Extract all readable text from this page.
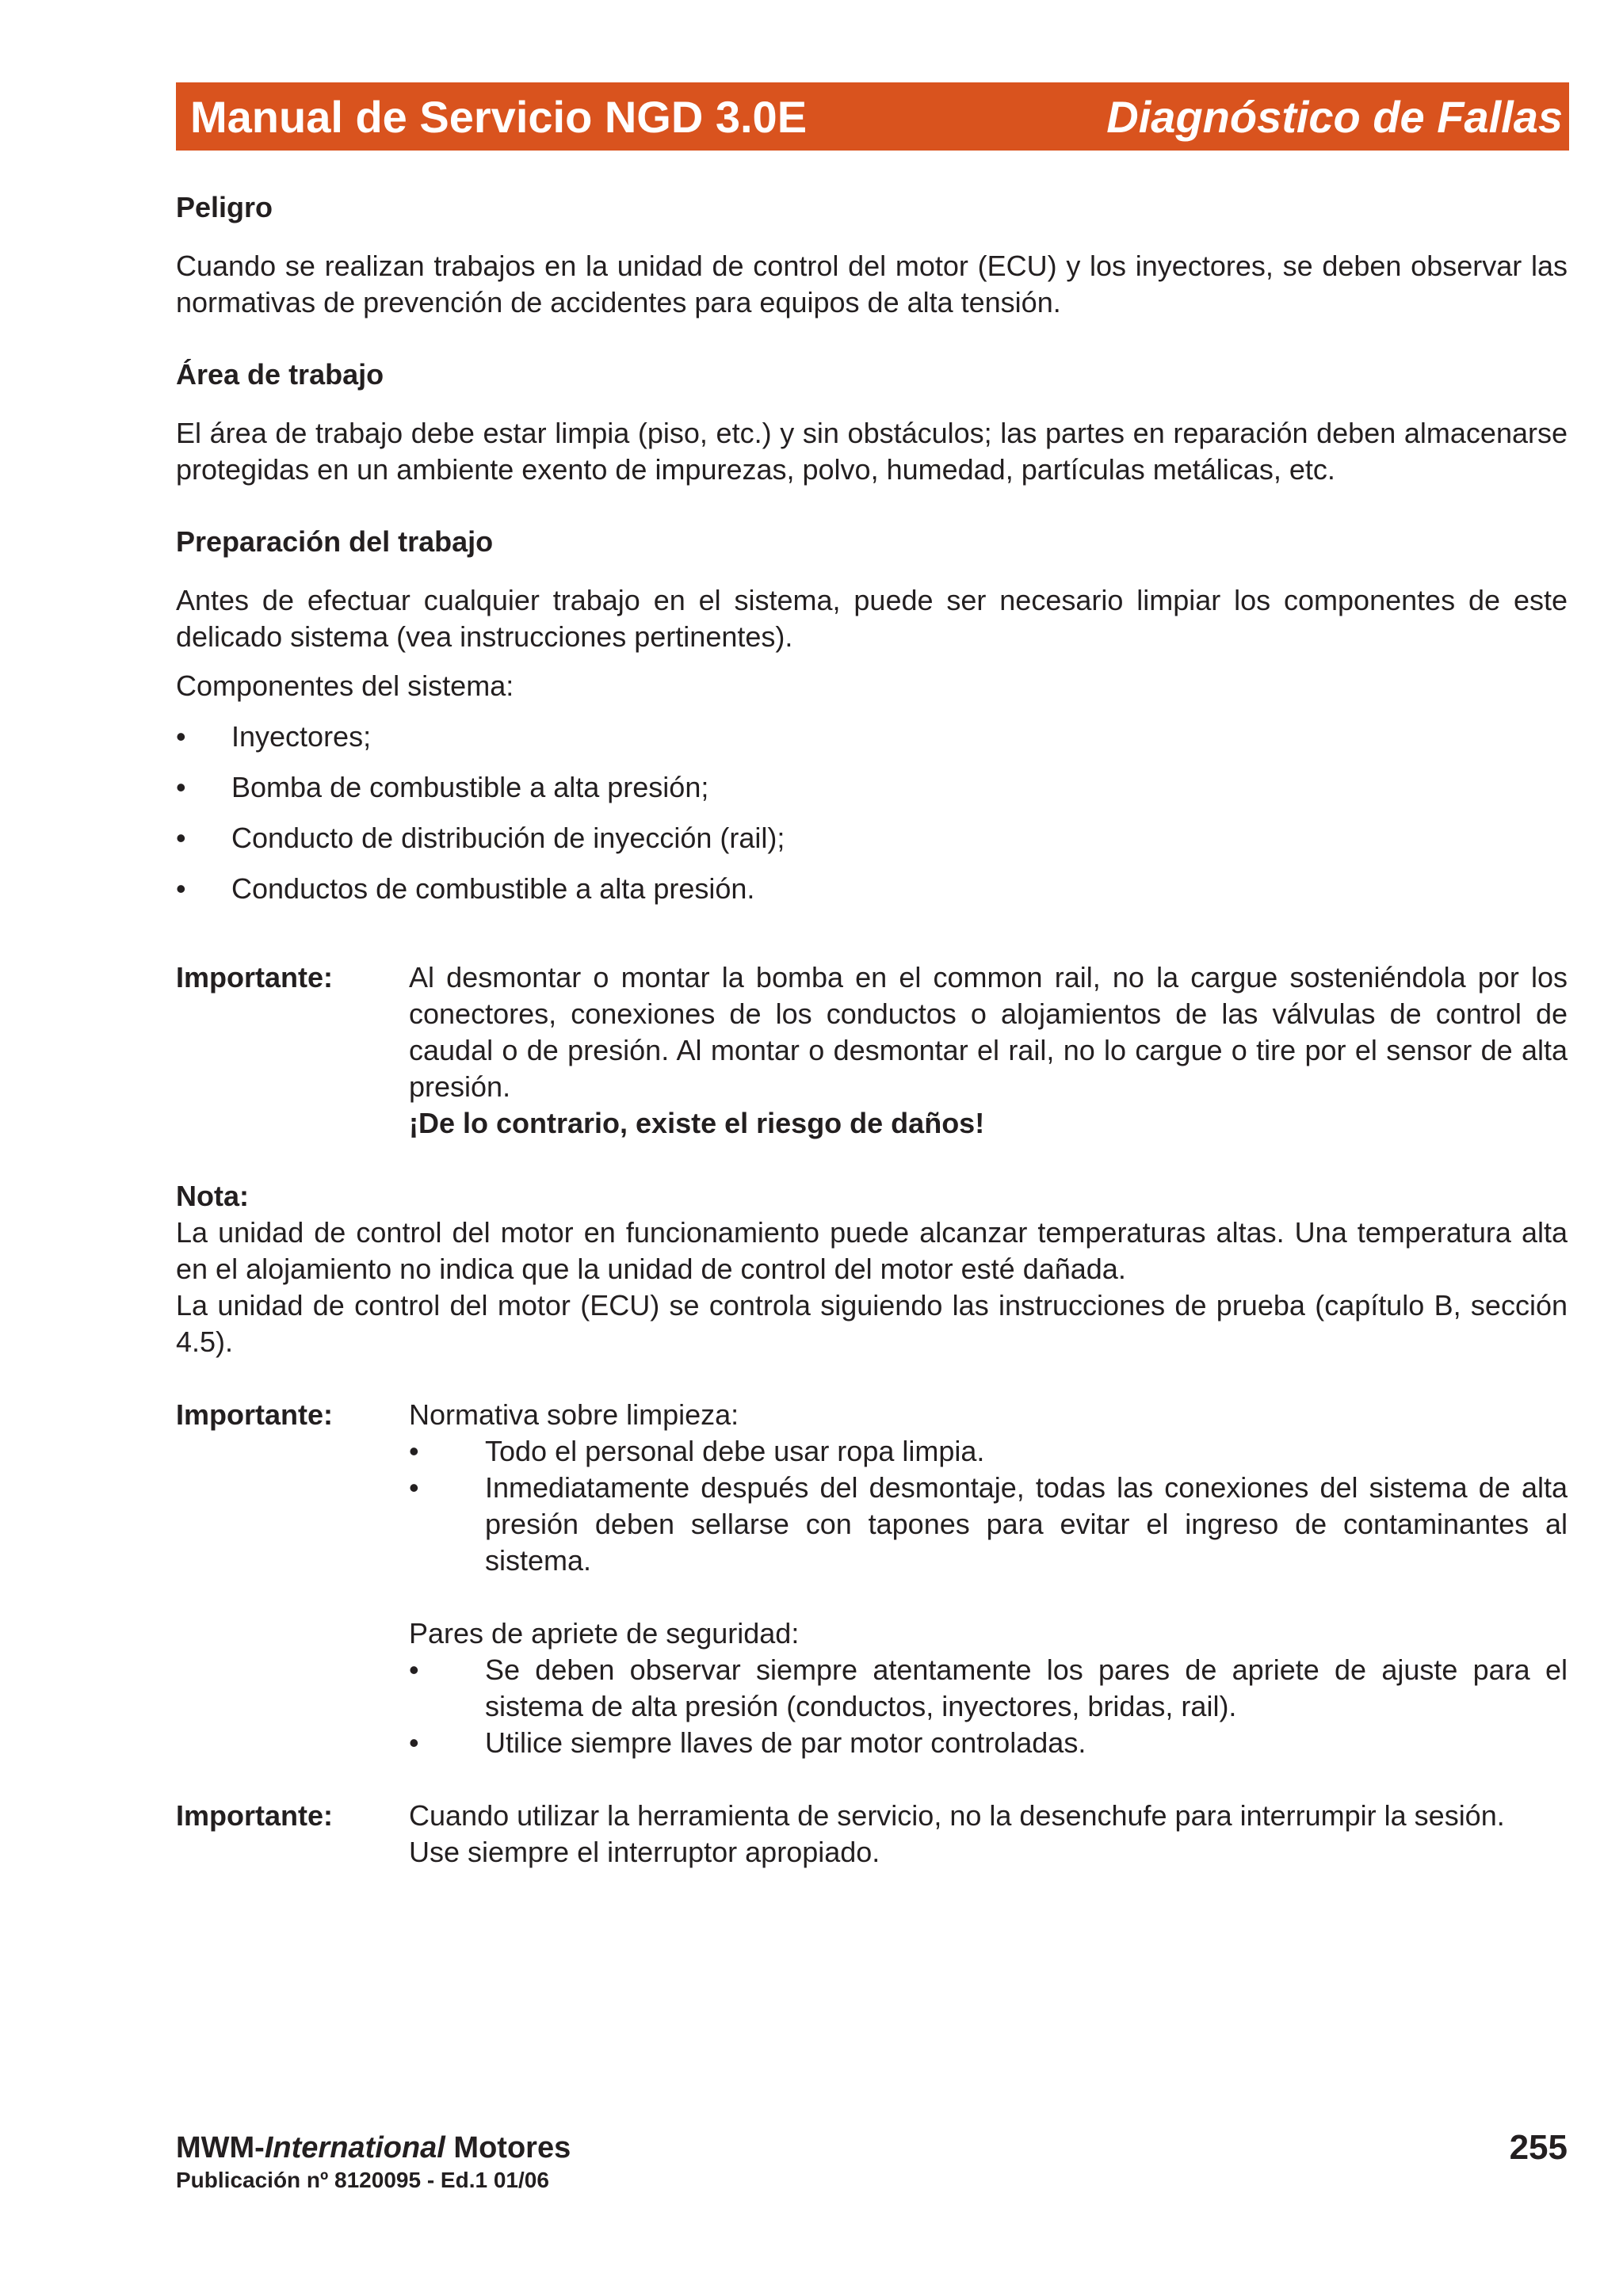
Manual de Servicio NGD 3.0E	Diagnóstico de Fallas
Peligro

Cuando se realizan trabajos en la unidad de control del motor (ECU) y los inyectores, se deben observar las normativas de prevención de accidentes para equipos de alta tensión.

Área de trabajo

El área de trabajo debe estar limpia (piso, etc.) y sin obstáculos; las partes en reparación deben almacenarse protegidas en un ambiente exento de impurezas, polvo, humedad, partículas metálicas, etc.

Preparación del trabajo

Antes de efectuar cualquier trabajo en el sistema, puede ser necesario limpiar los componentes de este delicado sistema (vea instrucciones pertinentes).

Componentes del sistema:

• Inyectores;
• Bomba de combustible a alta presión;
• Conducto de distribución de inyección (rail);
• Conductos de combustible a alta presión.
Importante:	Al desmontar o montar la bomba en el common rail, no la cargue sosteniéndola por los conectores, conexiones de los conductos o alojamientos de las válvulas de control de caudal o de presión. Al montar o desmontar el rail, no lo cargue o tire por el sensor de alta presión.
¡De lo contrario, existe el riesgo de daños!
Nota:

La unidad de control del motor en funcionamiento puede alcanzar temperaturas altas. Una temperatura alta en el alojamiento no indica que la unidad de control del motor esté dañada.

La unidad de control del motor (ECU) se controla siguiendo las instrucciones de prueba (capítulo B, sección 4.5).

Importante:	Normativa sobre limpieza:
• Todo el personal debe usar ropa limpia.
• Inmediatamente después del desmontaje, todas las conexiones del sistema de alta presión deben sellarse con tapones para evitar el ingreso de contaminantes al sistema.
Pares de apriete de seguridad:
• Se deben observar siempre atentamente los pares de apriete de ajuste para el sistema de alta presión (conductos, inyectores, bridas, rail).
• Utilice siempre llaves de par motor controladas.
Importante:	Cuando utilizar la herramienta de servicio, no la desenchufe para interrumpir la sesión.
Use siempre el interruptor apropiado.
MWM-International Motores
Publicación nº 8120095 - Ed.1 01/06
255
